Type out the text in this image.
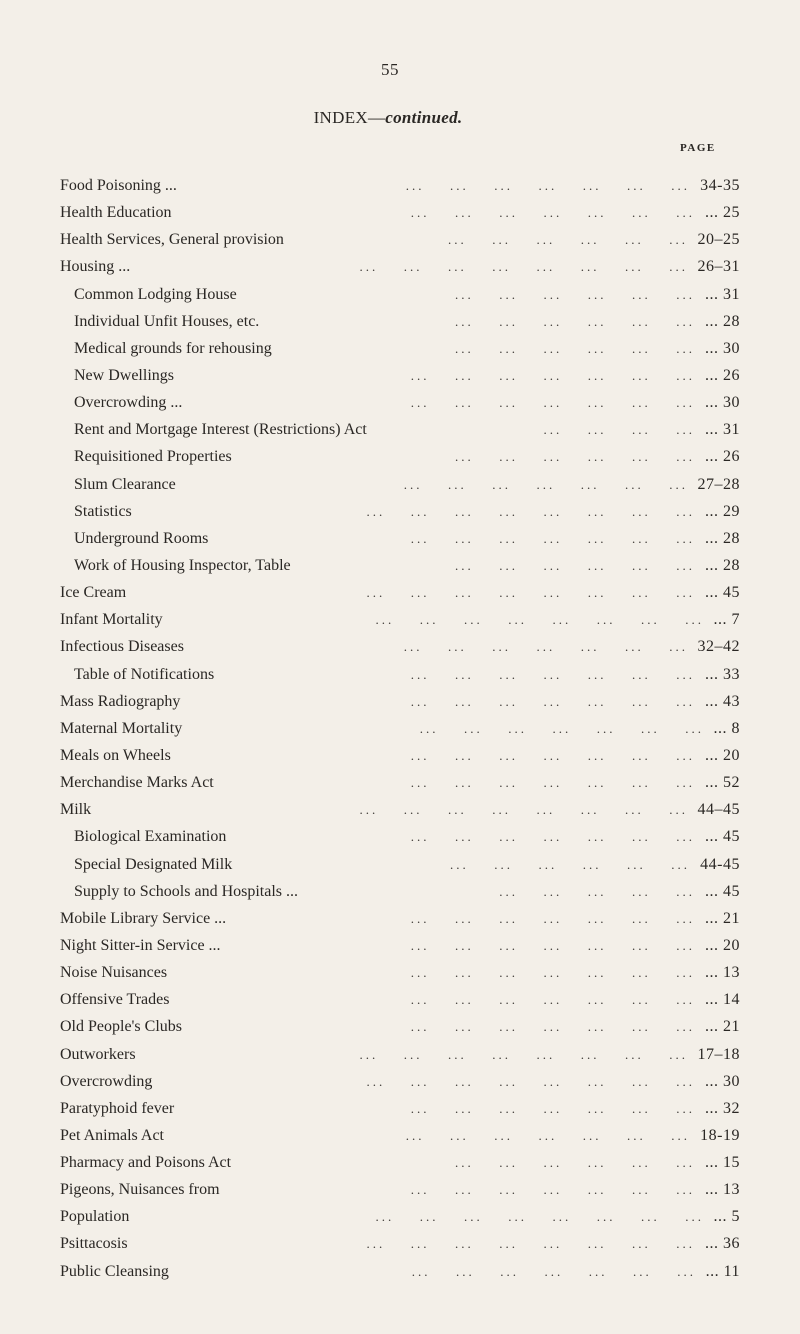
55
INDEX—continued.
PAGE
Food Poisoning ...	34-35
...  ...  ...  ...  ...  ...  ...
Health Education	... 25
...  ...  ...  ...  ...  ...  ...
Health Services, General provision	20–25
...  ...  ...  ...  ...  ...
Housing ...	26–31
...  ...  ...  ...  ...  ...  ...  ...
Common Lodging House	... 31
...  ...  ...  ...  ...  ...
Individual Unfit Houses, etc.	... 28
...  ...  ...  ...  ...  ...
Medical grounds for rehousing	... 30
...  ...  ...  ...  ...  ...
New Dwellings	... 26
...  ...  ...  ...  ...  ...  ...
Overcrowding ...	... 30
...  ...  ...  ...  ...  ...  ...
Rent and Mortgage Interest (Restrictions) Act	... 31
...  ...  ...  ...
Requisitioned Properties	... 26
...  ...  ...  ...  ...  ...
Slum Clearance	27–28
...  ...  ...  ...  ...  ...  ...
Statistics	... 29
...  ...  ...  ...  ...  ...  ...  ...
Underground Rooms	... 28
...  ...  ...  ...  ...  ...  ...
Work of Housing Inspector, Table	... 28
...  ...  ...  ...  ...  ...
Ice Cream	... 45
...  ...  ...  ...  ...  ...  ...  ...
Infant Mortality	... 7
...  ...  ...  ...  ...  ...  ...  ...
Infectious Diseases	32–42
...  ...  ...  ...  ...  ...  ...
Table of Notifications	... 33
...  ...  ...  ...  ...  ...  ...
Mass Radiography	... 43
...  ...  ...  ...  ...  ...  ...
Maternal Mortality	... 8
...  ...  ...  ...  ...  ...  ...
Meals on Wheels	... 20
...  ...  ...  ...  ...  ...  ...
Merchandise Marks Act	... 52
...  ...  ...  ...  ...  ...  ...
Milk	44–45
...  ...  ...  ...  ...  ...  ...  ...
Biological Examination	... 45
...  ...  ...  ...  ...  ...  ...
Special Designated Milk	44-45
...  ...  ...  ...  ...  ...
Supply to Schools and Hospitals ...	... 45
...  ...  ...  ...  ...
Mobile Library Service ...	... 21
...  ...  ...  ...  ...  ...  ...
Night Sitter-in Service ...	... 20
...  ...  ...  ...  ...  ...  ...
Noise Nuisances	... 13
...  ...  ...  ...  ...  ...  ...
Offensive Trades	... 14
...  ...  ...  ...  ...  ...  ...
Old People's Clubs	... 21
...  ...  ...  ...  ...  ...  ...
Outworkers	17–18
...  ...  ...  ...  ...  ...  ...  ...
Overcrowding	... 30
...  ...  ...  ...  ...  ...  ...  ...
Paratyphoid fever	... 32
...  ...  ...  ...  ...  ...  ...
Pet Animals Act	18-19
...  ...  ...  ...  ...  ...  ...
Pharmacy and Poisons Act	... 15
...  ...  ...  ...  ...  ...
Pigeons, Nuisances from	... 13
...  ...  ...  ...  ...  ...  ...
Population	... 5
...  ...  ...  ...  ...  ...  ...  ...
Psittacosis	... 36
...  ...  ...  ...  ...  ...  ...  ...
Public Cleansing	... 11
...  ...  ...  ...  ...  ...  ...
